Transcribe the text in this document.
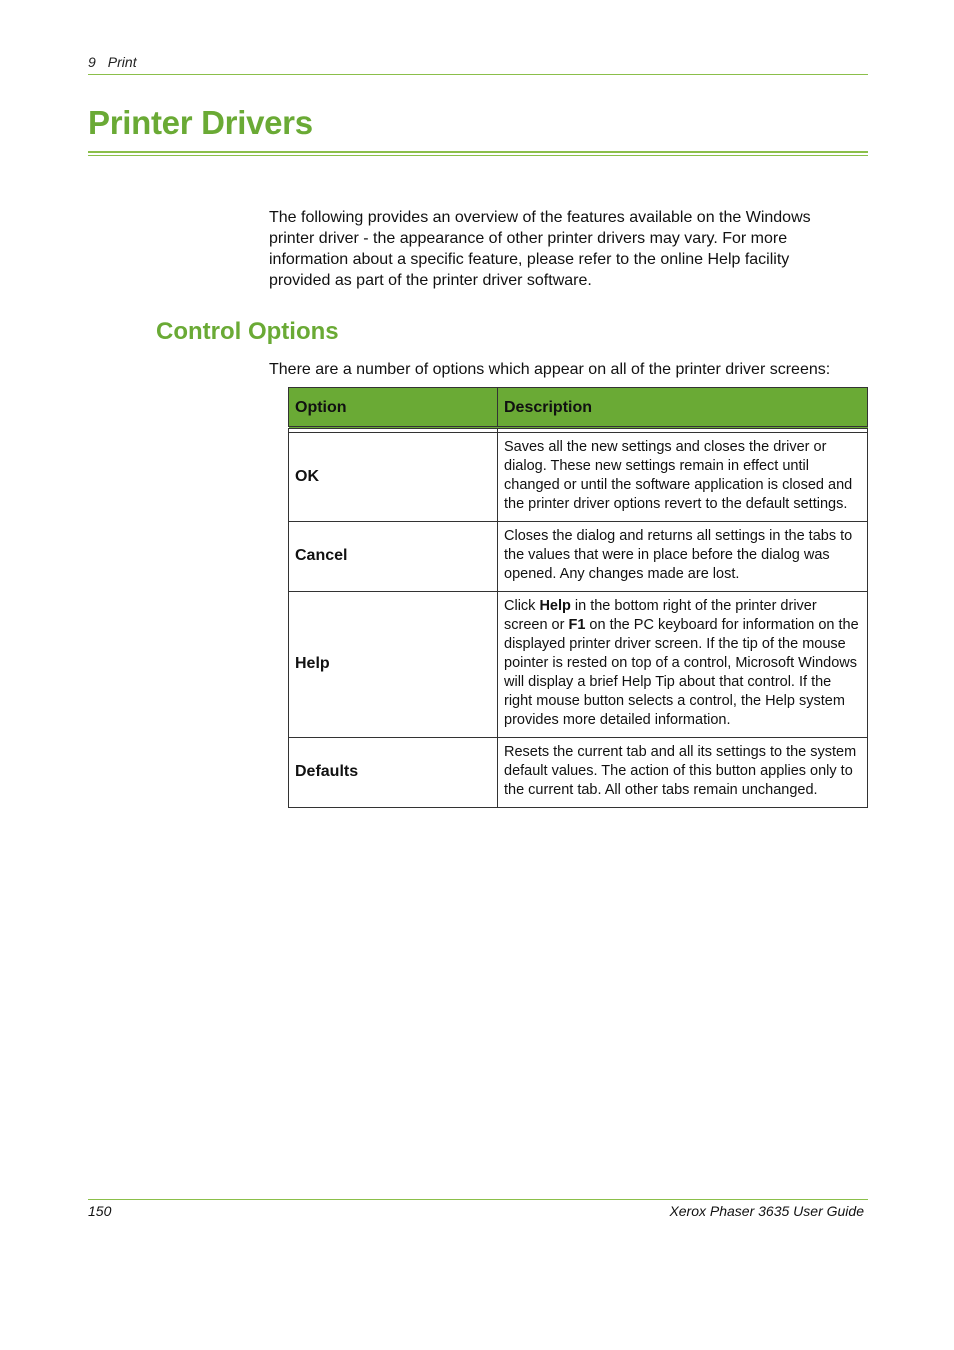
9 Print
Printer Drivers

The following provides an overview of the features available on the Windows printer driver - the appearance of other printer drivers may vary. For more information about a specific feature, please refer to the online Help facility provided as part of the printer driver software.

Control Options

There are a number of options which appear on all of the printer driver screens:

Option	Description

OK	Saves all the new settings and closes the driver or dialog. These new settings remain in effect until changed or until the software application is closed and the printer driver options revert to the default settings.
Cancel	Closes the dialog and returns all settings in the tabs to the values that were in place before the dialog was opened. Any changes made are lost.
Help	Click Help in the bottom right of the printer driver screen or F1 on the PC keyboard for information on the displayed printer driver screen. If the tip of the mouse pointer is rested on top of a control, Microsoft Windows will display a brief Help Tip about that control. If the right mouse button selects a control, the Help system provides more detailed information.
Defaults	Resets the current tab and all its settings to the system default values. The action of this button applies only to the current tab. All other tabs remain unchanged.
150	Xerox Phaser 3635 User Guide
